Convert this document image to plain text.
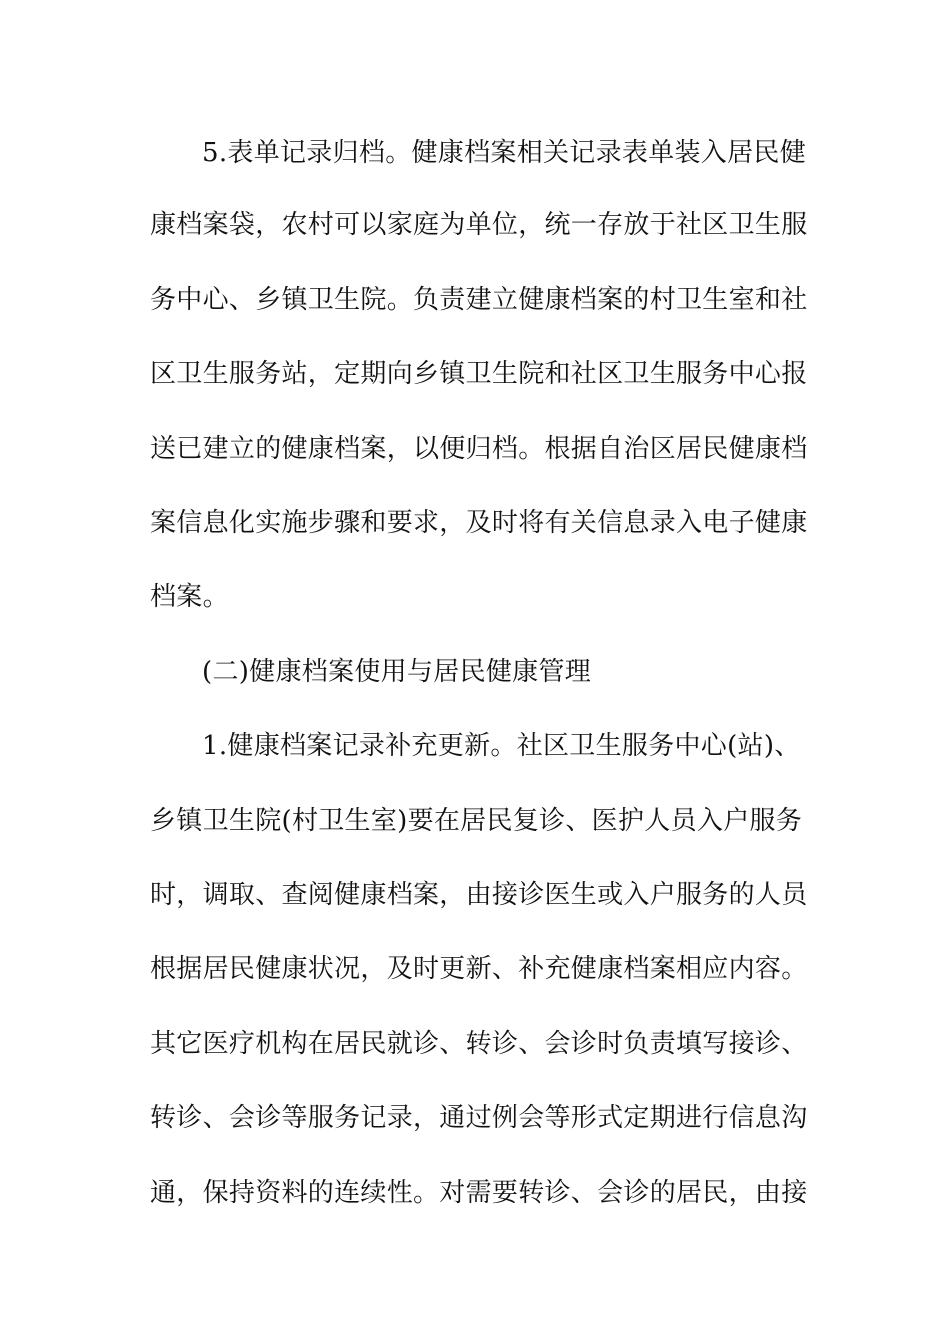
5.表单记录归档。健康档案相关记录表单装入居民健
康档案袋，农村可以家庭为单位，统一存放于社区卫生服
务中心、乡镇卫生院。负责建立健康档案的村卫生室和社
区卫生服务站，定期向乡镇卫生院和社区卫生服务中心报
送已建立的健康档案，以便归档。根据自治区居民健康档
案信息化实施步骤和要求，及时将有关信息录入电子健康
档案。
(二)健康档案使用与居民健康管理
1.健康档案记录补充更新。社区卫生服务中心(站)、
乡镇卫生院(村卫生室)要在居民复诊、医护人员入户服务
时，调取、查阅健康档案，由接诊医生或入户服务的人员
根据居民健康状况，及时更新、补充健康档案相应内容。
其它医疗机构在居民就诊、转诊、会诊时负责填写接诊、
转诊、会诊等服务记录，通过例会等形式定期进行信息沟
通，保持资料的连续性。对需要转诊、会诊的居民，由接
